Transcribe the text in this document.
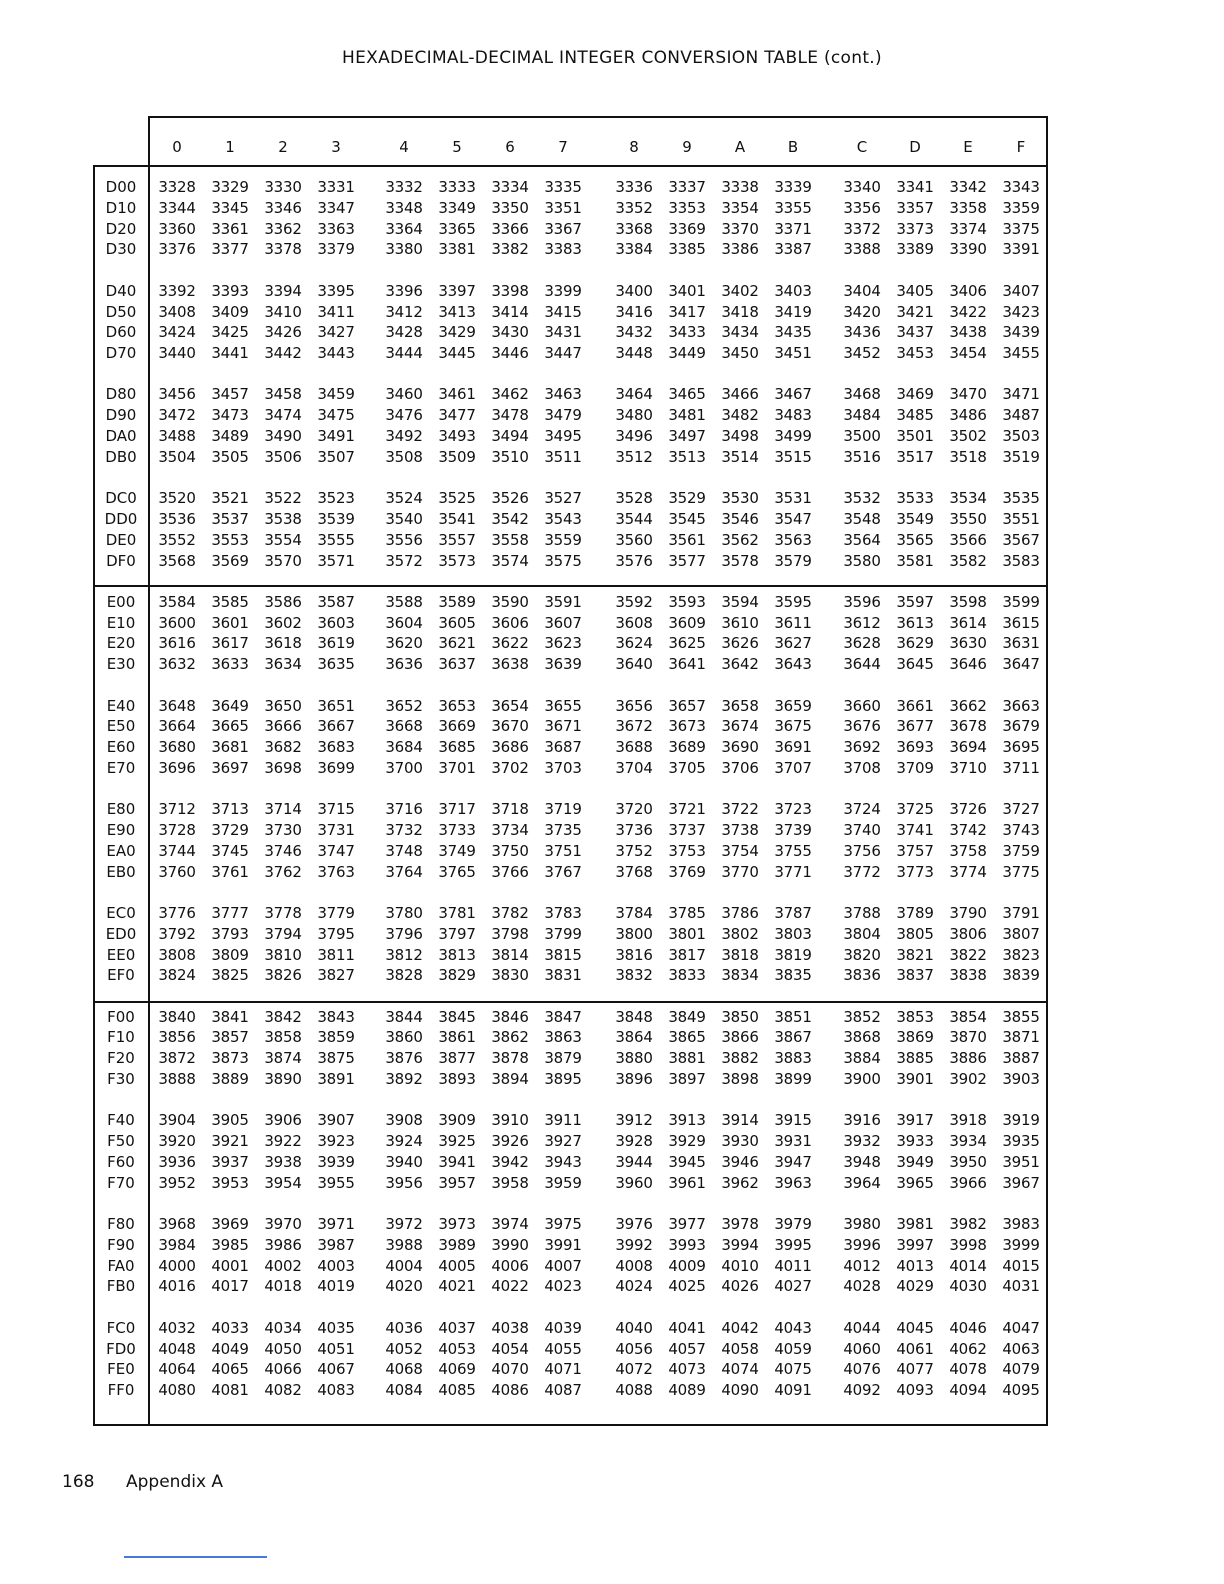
HEXADECIMAL-DECIMAL INTEGER CONVERSION TABLE (cont.)
0	1	2	3	4	5	6	7	8	9	A	B	C	D	E	F
D00	3328 3329 3330 3331 3332 3333 3334 3335 3336 3337 3338 3339 3340 3341 3342 3343
D10	3344 3345 3346 3347 3348 3349 3350 3351 3352 3353 3354 3355 3356 3357 3358 3359
D20	3360 3361 3362 3363 3364 3365 3366 3367 3368 3369 3370 3371 3372 3373 3374 3375
D30	3376 3377 3378 3379 3380 3381 3382 3383 3384 3385 3386 3387 3388 3389 3390 3391
D40	3392 3393 3394 3395 3396 3397 3398 3399 3400 3401 3402 3403 3404 3405 3406 3407
D50	3408 3409 3410 3411 3412 3413 3414 3415 3416 3417 3418 3419 3420 3421 3422 3423
D60	3424 3425 3426 3427 3428 3429 3430 3431 3432 3433 3434 3435 3436 3437 3438 3439
D70	3440 3441 3442 3443 3444 3445 3446 3447 3448 3449 3450 3451 3452 3453 3454 3455
D80	3456 3457 3458 3459 3460 3461 3462 3463 3464 3465 3466 3467 3468 3469 3470 3471
D90	3472 3473 3474 3475 3476 3477 3478 3479 3480 3481 3482 3483 3484 3485 3486 3487
DA0	3488 3489 3490 3491 3492 3493 3494 3495 3496 3497 3498 3499 3500 3501 3502 3503
DB0	3504 3505 3506 3507 3508 3509 3510 3511 3512 3513 3514 3515 3516 3517 3518 3519
DC0	3520 3521 3522 3523 3524 3525 3526 3527 3528 3529 3530 3531 3532 3533 3534 3535
DD0	3536 3537 3538 3539 3540 3541 3542 3543 3544 3545 3546 3547 3548 3549 3550 3551
DE0	3552 3553 3554 3555 3556 3557 3558 3559 3560 3561 3562 3563 3564 3565 3566 3567
DF0	3568 3569 3570 3571 3572 3573 3574 3575 3576 3577 3578 3579 3580 3581 3582 3583
E00	3584 3585 3586 3587 3588 3589 3590 3591 3592 3593 3594 3595 3596 3597 3598 3599
E10	3600 3601 3602 3603 3604 3605 3606 3607 3608 3609 3610 3611 3612 3613 3614 3615
E20	3616 3617 3618 3619 3620 3621 3622 3623 3624 3625 3626 3627 3628 3629 3630 3631
E30	3632 3633 3634 3635 3636 3637 3638 3639 3640 3641 3642 3643 3644 3645 3646 3647
E40	3648 3649 3650 3651 3652 3653 3654 3655 3656 3657 3658 3659 3660 3661 3662 3663
E50	3664 3665 3666 3667 3668 3669 3670 3671 3672 3673 3674 3675 3676 3677 3678 3679
E60	3680 3681 3682 3683 3684 3685 3686 3687 3688 3689 3690 3691 3692 3693 3694 3695
E70	3696 3697 3698 3699 3700 3701 3702 3703 3704 3705 3706 3707 3708 3709 3710 3711
E80	3712 3713 3714 3715 3716 3717 3718 3719 3720 3721 3722 3723 3724 3725 3726 3727
E90	3728 3729 3730 3731 3732 3733 3734 3735 3736 3737 3738 3739 3740 3741 3742 3743
EA0	3744 3745 3746 3747 3748 3749 3750 3751 3752 3753 3754 3755 3756 3757 3758 3759
EB0	3760 3761 3762 3763 3764 3765 3766 3767 3768 3769 3770 3771 3772 3773 3774 3775
EC0	3776 3777 3778 3779 3780 3781 3782 3783 3784 3785 3786 3787 3788 3789 3790 3791
ED0	3792 3793 3794 3795 3796 3797 3798 3799 3800 3801 3802 3803 3804 3805 3806 3807
EE0	3808 3809 3810 3811 3812 3813 3814 3815 3816 3817 3818 3819 3820 3821 3822 3823
EF0	3824 3825 3826 3827 3828 3829 3830 3831 3832 3833 3834 3835 3836 3837 3838 3839
F00	3840 3841 3842 3843 3844 3845 3846 3847 3848 3849 3850 3851 3852 3853 3854 3855
F10	3856 3857 3858 3859 3860 3861 3862 3863 3864 3865 3866 3867 3868 3869 3870 3871
F20	3872 3873 3874 3875 3876 3877 3878 3879 3880 3881 3882 3883 3884 3885 3886 3887
F30	3888 3889 3890 3891 3892 3893 3894 3895 3896 3897 3898 3899 3900 3901 3902 3903
F40	3904 3905 3906 3907 3908 3909 3910 3911 3912 3913 3914 3915 3916 3917 3918 3919
F50	3920 3921 3922 3923 3924 3925 3926 3927 3928 3929 3930 3931 3932 3933 3934 3935
F60	3936 3937 3938 3939 3940 3941 3942 3943 3944 3945 3946 3947 3948 3949 3950 3951
F70	3952 3953 3954 3955 3956 3957 3958 3959 3960 3961 3962 3963 3964 3965 3966 3967
F80	3968 3969 3970 3971 3972 3973 3974 3975 3976 3977 3978 3979 3980 3981 3982 3983
F90	3984 3985 3986 3987 3988 3989 3990 3991 3992 3993 3994 3995 3996 3997 3998 3999
FA0	4000 4001 4002 4003 4004 4005 4006 4007 4008 4009 4010 4011 4012 4013 4014 4015
FB0	4016 4017 4018 4019 4020 4021 4022 4023 4024 4025 4026 4027 4028 4029 4030 4031
FC0	4032 4033 4034 4035 4036 4037 4038 4039 4040 4041 4042 4043 4044 4045 4046 4047
FD0	4048 4049 4050 4051 4052 4053 4054 4055 4056 4057 4058 4059 4060 4061 4062 4063
FE0	4064 4065 4066 4067 4068 4069 4070 4071 4072 4073 4074 4075 4076 4077 4078 4079
FF0	4080 4081 4082 4083 4084 4085 4086 4087 4088 4089 4090 4091 4092 4093 4094 4095
168 Appendix A
